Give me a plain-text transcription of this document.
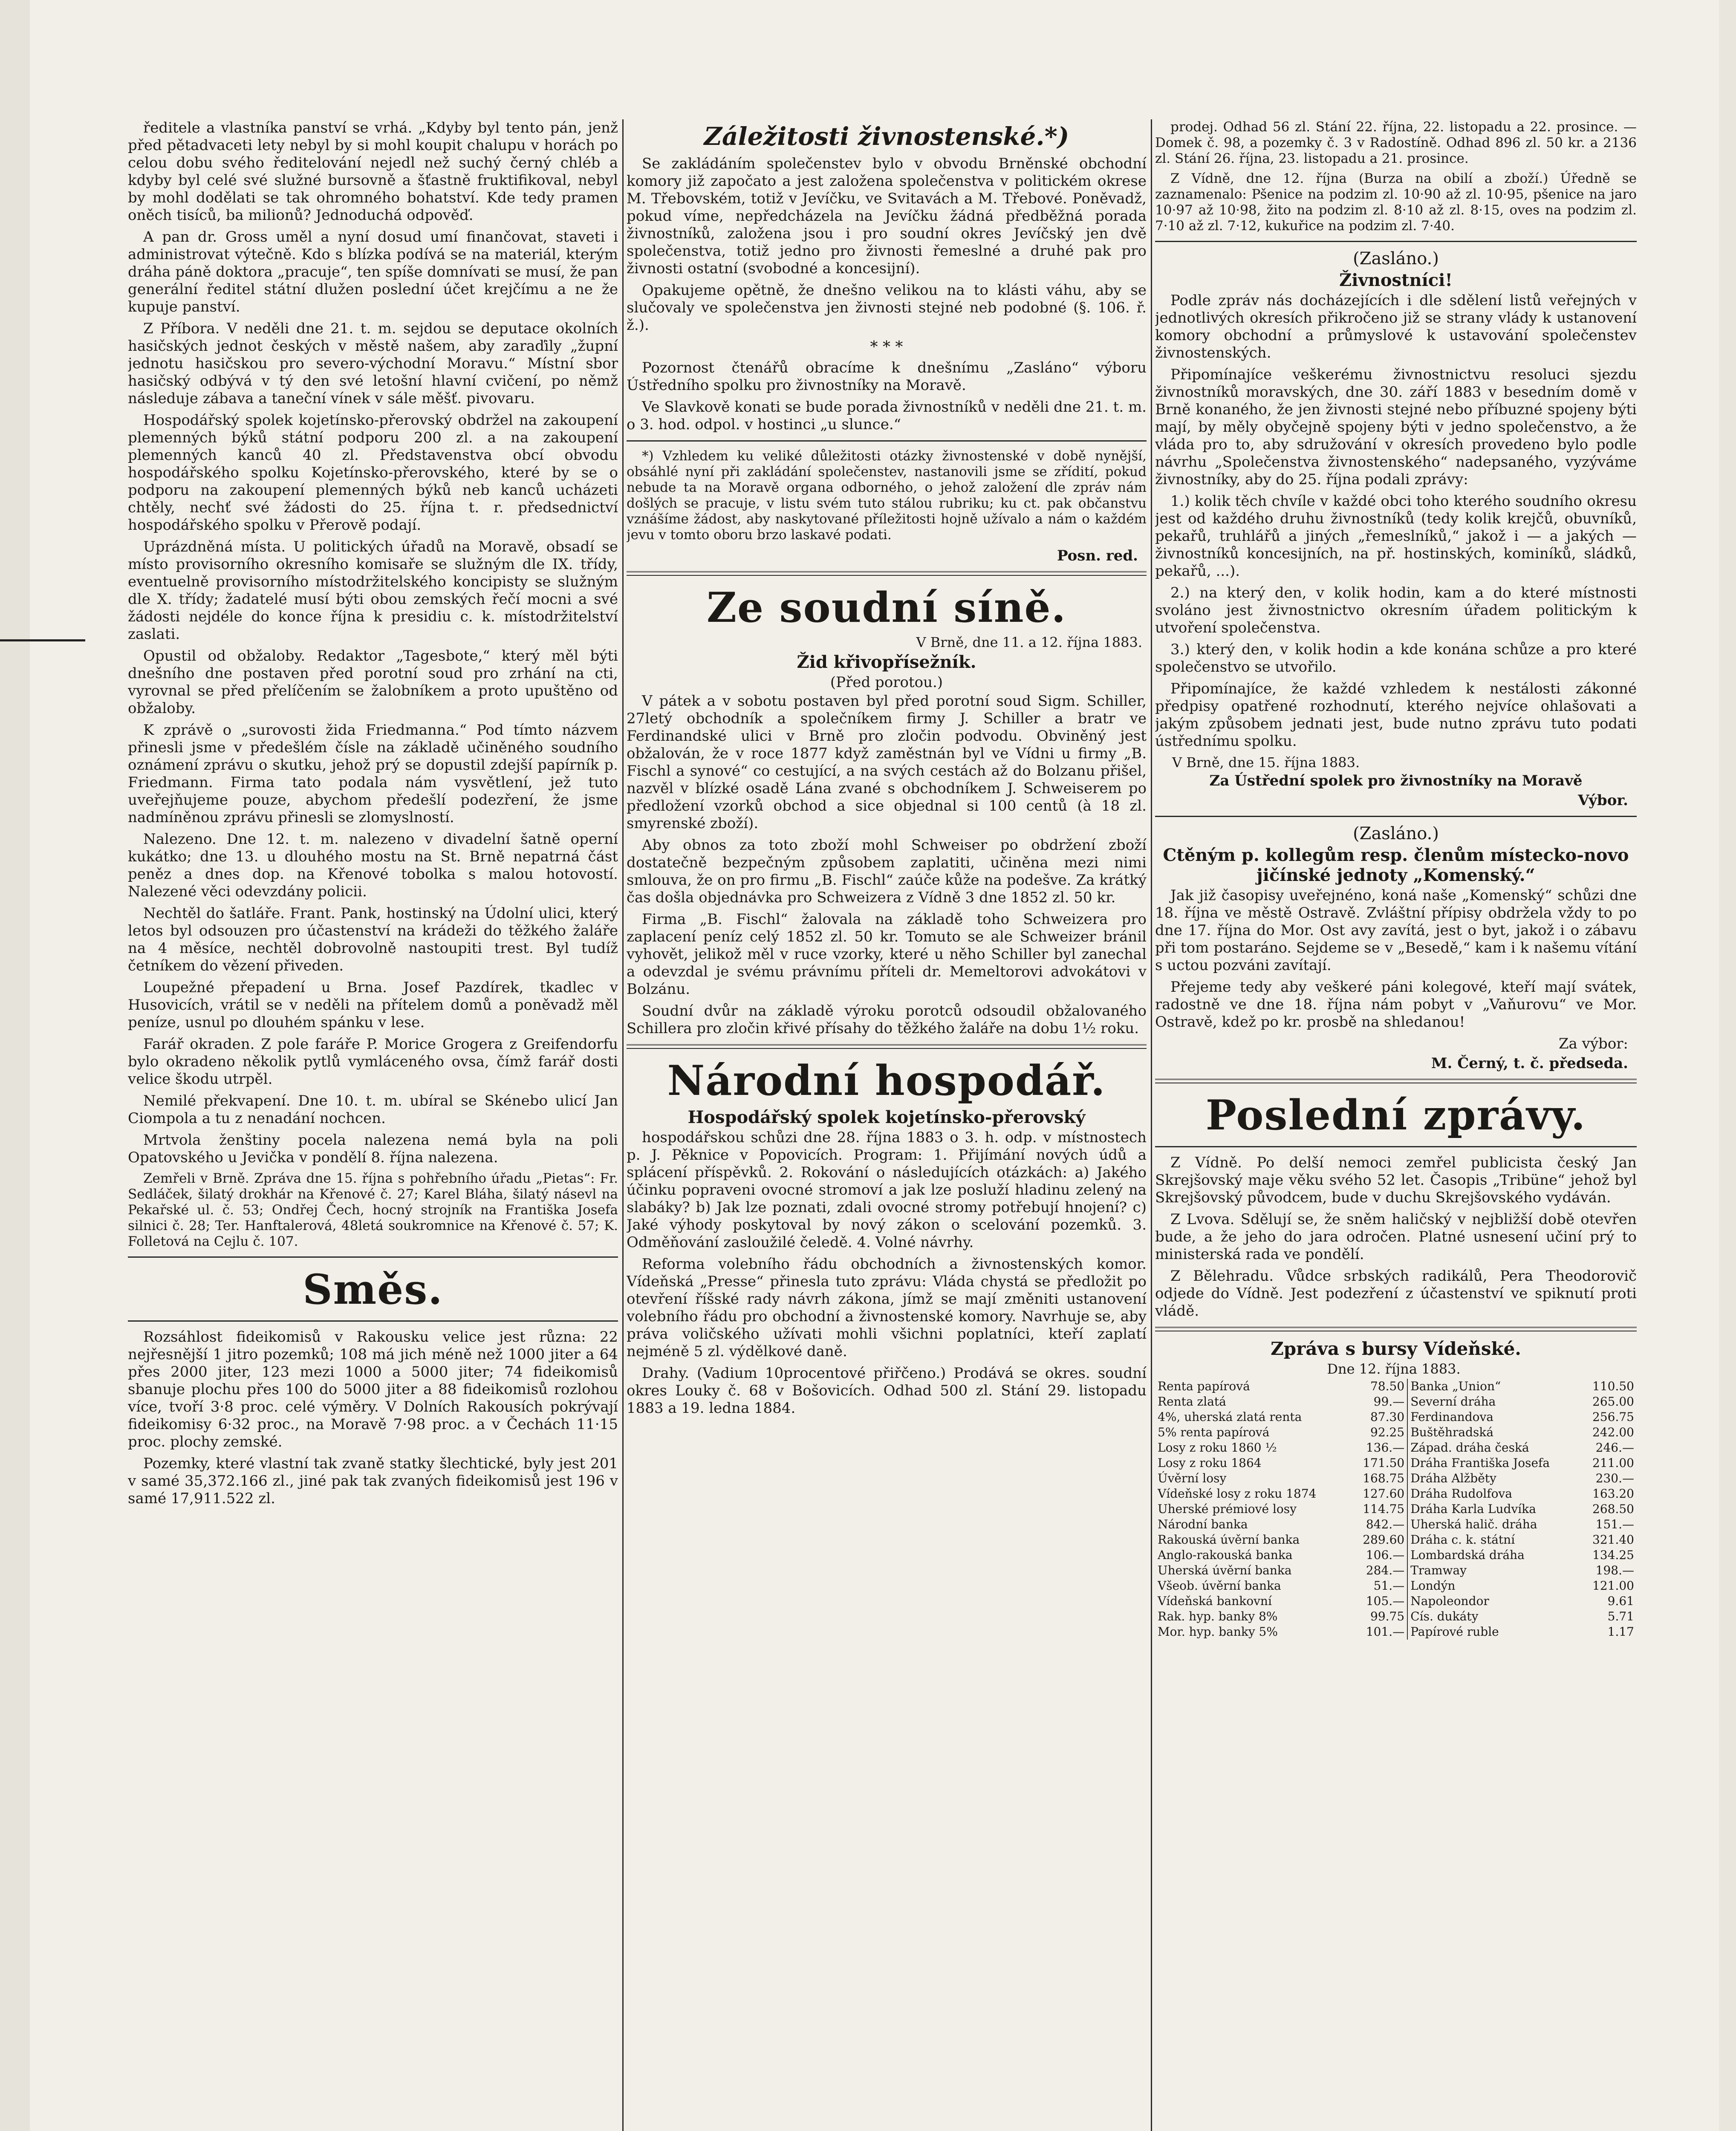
ředitele a vlastníka panství se vrhá. „Kdyby byl tento pán, jenž před pětadvaceti lety nebyl by si mohl koupit chalupu v horách po celou dobu svého ředitelování nejedl než suchý černý chléb a kdyby byl celé své služné bursovně a šťastně fruktifikoval, nebyl by mohl dodělati se tak ohromného bohatství. Kde tedy pramen oněch tisíců, ba milionů? Jednoduchá odpověď.

A pan dr. Gross uměl a nyní dosud umí finančovat, staveti i administrovat výtečně. Kdo s blízka podívá se na materiál, kterým dráha páně doktora „pracuje“, ten spíše domnívati se musí, že pan generální ředitel státní dlužen poslední účet krejčímu a ne že kupuje panství.

Z Příbora. V neděli dne 21. t. m. sejdou se deputace okolních hasičských jednot českých v městě našem, aby zaraďily „župní jednotu hasičskou pro severo-východní Moravu.“ Místní sbor hasičský odbývá v tý den své letošní hlavní cvičení, po němž následuje zábava a taneční vínek v sále měšť. pivovaru.

Hospodářský spolek kojetínsko-přerovský obdržel na zakoupení plemenných býků státní podporu 200 zl. a na zakoupení plemenných kanců 40 zl. Představenstva obcí obvodu hospodářského spolku Kojetínsko-přerovského, které by se o podporu na zakoupení plemenných býků neb kanců ucházeti chtěly, nechť své žádosti do 25. října t. r. předsednictví hospodářského spolku v Přerově podají.

Uprázdněná místa. U politických úřadů na Moravě, obsadí se místo provisorního okresního komisaře se služným dle IX. třídy, eventuelně provisorního místodržitelského koncipisty se služným dle X. třídy; žadatelé musí býti obou zemských řečí mocni a své žádosti nejdéle do konce října k presidiu c. k. místodržitelství zaslati.

Opustil od obžaloby. Redaktor „Tagesbote,“ který měl býti dnešního dne postaven před porotní soud pro zrhání na cti, vyrovnal se před přelíčením se žalobníkem a proto upuštěno od obžaloby.

K zprávě o „surovosti žida Friedmanna.“ Pod tímto názvem přinesli jsme v předešlém čísle na základě učiněného soudního oznámení zprávu o skutku, jehož prý se dopustil zdejší papírník p. Friedmann. Firma tato podala nám vysvětlení, jež tuto uveřejňujeme pouze, abychom předešlí podezření, že jsme nadmíněnou zprávu přinesli se zlomyslností.

Nalezeno. Dne 12. t. m. nalezeno v divadelní šatně operní kukátko; dne 13. u dlouhého mostu na St. Brně nepatrná část peněz a dnes dop. na Křenové tobolka s malou hotovostí. Nalezené věci odevzdány policii.

Nechtěl do šatláře. Frant. Pank, hostinský na Údolní ulici, který letos byl odsouzen pro účastenství na krádeži do těžkého žaláře na 4 měsíce, nechtěl dobrovolně nastoupiti trest. Byl tudíž četníkem do vězení přiveden.

Loupežné přepadení u Brna. Josef Pazdírek, tkadlec v Husovicích, vrátil se v neděli na přítelem domů a poněvadž měl peníze, usnul po dlouhém spánku v lese.

Farář okraden. Z pole faráře P. Morice Grogera z Greifendorfu bylo okradeno několik pytlů vymláceného ovsa, čímž farář dosti velice škodu utrpěl.

Nemilé překvapení. Dne 10. t. m. ubíral se Skénebo ulicí Jan Ciompola a tu z nenadání nochcen.

Mrtvola ženštiny pocela nalezena nemá byla na poli Opatovského u Jevička v pondělí 8. října nalezena.

Zemřeli v Brně. Zpráva dne 15. října s pohřebního úřadu „Pietas“: Fr. Sedláček, šilatý drokhár na Křenové č. 27; Karel Bláha, šilatý násevl na Pekařské ul. č. 53; Ondřej Čech, hocný strojník na Františka Josefa silnici č. 28; Ter. Hanftalerová, 48letá soukromnice na Křenové č. 57; K. Folletová na Cejlu č. 107.

Směs.

Rozsáhlost fideikomisů v Rakousku velice jest různa: 22 nejřesnější 1 jitro pozemků; 108 má jich méně než 1000 jiter a 64 přes 2000 jiter, 123 mezi 1000 a 5000 jiter; 74 fideikomisů sbanuje plochu přes 100 do 5000 jiter a 88 fideikomisů rozlohou více, tvoří 3·8 proc. celé výměry. V Dolních Rakousích pokrývají fideikomisy 6·32 proc., na Moravě 7·98 proc. a v Čechách 11·15 proc. plochy zemské.

Pozemky, které vlastní tak zvaně statky šlechtické, byly jest 201 v samé 35,372.166 zl., jiné pak tak zvaných fideikomisů jest 196 v samé 17,911.522 zl.

Záležitosti živnostenské.*)

Se zakládáním společenstev bylo v obvodu Brněnské obchodní komory již započato a jest založena společenstva v politickém okrese M. Třebovském, totiž v Jevíčku, ve Svitavách a M. Třebové. Poněvadž, pokud víme, nepředcházela na Jevíčku žádná předběžná porada živnostníků, založena jsou i pro soudní okres Jevíčský jen dvě společenstva, totiž jedno pro živnosti řemeslné a druhé pak pro živnosti ostatní (svobodné a koncesijní).

Opakujeme opětně, že dnešno velikou na to klásti váhu, aby se slučovaly ve společenstva jen živnosti stejné neb podobné (§. 106. ř. ž.).

* * *

Pozornost čtenářů obracíme k dnešnímu „Zasláno“ výboru Ústředního spolku pro živnostníky na Moravě.

Ve Slavkově konati se bude porada živnostníků v neděli dne 21. t. m. o 3. hod. odpol. v hostinci „u slunce.“

*) Vzhledem ku veliké důležitosti otázky živnostenské v době nynější, obsáhlé nyní při zakládání společenstev, nastanovili jsme se zřídití, pokud nebude ta na Moravě organa odborného, o jehož založení dle zpráv nám došlých se pracuje, v listu svém tuto stálou rubriku; ku ct. pak občanstvu vznášíme žádost, aby naskytované příležitosti hojně užívalo a nám o každém jevu v tomto oboru brzo laskavé podati.

Posn. red.
Ze soudní síně.
V Brně, dne 11. a 12. října 1883.
Žid křivopřísežník.
(Před porotou.)

V pátek a v sobotu postaven byl před porotní soud Sigm. Schiller, 27letý obchodník a společníkem firmy J. Schiller a bratr ve Ferdinandské ulici v Brně pro zločin podvodu. Obviněný jest obžalován, že v roce 1877 když zaměstnán byl ve Vídni u firmy „B. Fischl a synové“ co cestující, a na svých cestách až do Bolzanu přišel, nazvěl v blízké osadě Lána zvané s obchodníkem J. Schweiserem po předložení vzorků obchod a sice objednal si 100 centů (à 18 zl. smyrenské zboží).

Aby obnos za toto zboží mohl Schweiser po obdržení zboží dostatečně bezpečným způsobem zaplatiti, učiněna mezi nimi smlouva, že on pro firmu „B. Fischl“ zaúče kůže na podešve. Za krátký čas došla objednávka pro Schweizera z Vídně 3 dne 1852 zl. 50 kr.

Firma „B. Fischl“ žalovala na základě toho Schweizera pro zaplacení peníz celý 1852 zl. 50 kr. Tomuto se ale Schweizer bránil vyhovět, jelikož měl v ruce vzorky, které u něho Schiller byl zanechal a odevzdal je svému právnímu příteli dr. Memeltorovi advokátovi v Bolzánu.

Soudní dvůr na základě výroku porotců odsoudil obžalovaného Schillera pro zločin křivé přísahy do těžkého žaláře na dobu 1½ roku.

Národní hospodář.
Hospodářský spolek kojetínsko-přerovský

hospodářskou schůzi dne 28. října 1883 o 3. h. odp. v místnostech p. J. Pěknice v Popovicích. Program: 1. Přijímání nových údů a splácení příspěvků. 2. Rokování o následujících otázkách: a) Jakého účinku popraveni ovocné stromoví a jak lze posluží hladinu zelený na slabáky? b) Jak lze poznati, zdali ovocné stromy potřebují hnojení? c) Jaké výhody poskytoval by nový zákon o scelování pozemků. 3. Odměňování zasloužilé čeledě. 4. Volné návrhy.

Reforma volebního řádu obchodních a živnostenských komor. Vídeňská „Presse“ přinesla tuto zprávu: Vláda chystá se předložit po otevření říšské rady návrh zákona, jímž se mají změniti ustanovení volebního řádu pro obchodní a živnostenské komory. Navrhuje se, aby práva voličského užívati mohli všichni poplatníci, kteří zaplatí nejméně 5 zl. výdělkové daně.

Drahy. (Vadium 10procentové přiřčeno.) Prodává se okres. soudní okres Louky č. 68 v Bošovicích. Odhad 500 zl. Stání 29. listopadu 1883 a 19. ledna 1884.

prodej. Odhad 56 zl. Stání 22. října, 22. listopadu a 22. prosince. — Domek č. 98, a pozemky č. 3 v Radostíně. Odhad 896 zl. 50 kr. a 2136 zl. Stání 26. října, 23. listopadu a 21. prosince.

Z Vídně, dne 12. října (Burza na obilí a zboží.) Úředně se zaznamenalo: Pšenice na podzim zl. 10·90 až zl. 10·95, pšenice na jaro 10·97 až 10·98, žito na podzim zl. 8·10 až zl. 8·15, oves na podzim zl. 7·10 až zl. 7·12, kukuřice na podzim zl. 7·40.

(Zasláno.)
Živnostníci!

Podle zpráv nás docházejících i dle sdělení listů veřejných v jednotlivých okresích přikročeno již se strany vlády k ustanovení komory obchodní a průmyslové k ustavování společenstev živnostenských.

Připomínajíce veškerému živnostnictvu resoluci sjezdu živnostníků moravských, dne 30. září 1883 v besedním domě v Brně konaného, že jen živnosti stejné nebo příbuzné spojeny býti mají, by měly obyčejně spojeny býti v jedno společenstvo, a že vláda pro to, aby sdružování v okresích provedeno bylo podle návrhu „Společenstva živnostenského“ nadepsaného, vyzýváme živnostníky, aby do 25. října podali zprávy:

1.) kolik těch chvíle v každé obci toho kterého soudního okresu jest od každého druhu živnostníků (tedy kolik krejčů, obuvníků, pekařů, truhlářů a jiných „řemeslníků,“ jakož i — a jakých — živnostníků koncesijních, na př. hostinských, kominíků, sládků, pekařů, ...).

2.) na který den, v kolik hodin, kam a do které místnosti svoláno jest živnostnictvo okresním úřadem politickým k utvoření společenstva.

3.) který den, v kolik hodin a kde konána schůze a pro které společenstvo se utvořilo.

Připomínajíce, že každé vzhledem k nestálosti zákonné předpisy opatřené rozhodnutí, kterého nejvíce ohlašovati a jakým způsobem jednati jest, bude nutno zprávu tuto podati ústřednímu spolku.

V Brně, dne 15. října 1883.
Za Ústřední spolek pro živnostníky na Moravě
Výbor.
(Zasláno.)
Ctěným p. kollegům resp. členům místecko-novo jičínské jednoty „Komenský.“

Jak již časopisy uveřejnéno, koná naše „Komenský“ schůzi dne 18. října ve městě Ostravě. Zvláštní přípisy obdržela vždy to po dne 17. října do Mor. Ost avy zavítá, jest o byt, jakož i o zábavu při tom postaráno. Sejdeme se v „Besedě,“ kam i k našemu vítání s uctou pozváni zavítají.

Přejeme tedy aby veškeré páni kolegové, kteří mají svátek, radostně ve dne 18. října nám pobyt v „Vaňurovu“ ve Mor. Ostravě, kdež po kr. prosbě na shledanou!

Za výbor:
M. Černý, t. č. předseda.
Poslední zprávy.

Z Vídně. Po delší nemoci zemřel publicista český Jan Skrejšovský maje věku svého 52 let. Časopis „Tribüne“ jehož byl Skrejšovský původcem, bude v duchu Skrejšovského vydáván.

Z Lvova. Sdělují se, že sněm haličský v nejbližší době otevřen bude, a že jeho do jara odročen. Platné usnesení učiní prý to ministerská rada ve pondělí.

Z Bělehradu. Vůdce srbských radikálů, Pera Theodorovič odjede do Vídně. Jest podezření z účastenství ve spiknutí proti vládě.

Zpráva s bursy Vídeňské.
Dne 12. října 1883.
Renta papírová	78.50	Banka „Union“	110.50
Renta zlatá	99.—	Severní dráha	265.00
4%, uherská zlatá renta	87.30	Ferdinandova	256.75
5% renta papírová	92.25	Buštěhradská	242.00
Losy z roku 1860 ½	136.—	Západ. dráha česká	246.—
Losy z roku 1864	171.50	Dráha Františka Josefa	211.00
Úvěrní losy	168.75	Dráha Alžběty	230.—
Vídeňské losy z roku 1874	127.60	Dráha Rudolfova	163.20
Uherské prémiové losy	114.75	Dráha Karla Ludvíka	268.50
Národní banka	842.—	Uherská halič. dráha	151.—
Rakouská úvěrní banka	289.60	Dráha c. k. státní	321.40
Anglo-rakouská banka	106.—	Lombardská dráha	134.25
Uherská úvěrní banka	284.—	Tramway	198.—
Všeob. úvěrní banka	51.—	Londýn	121.00
Vídeňská bankovní	105.—	Napoleondor	9.61
Rak. hyp. banky 8%	99.75	Cís. dukáty	5.71
Mor. hyp. banky 5%	101.—	Papírové ruble	1.17
